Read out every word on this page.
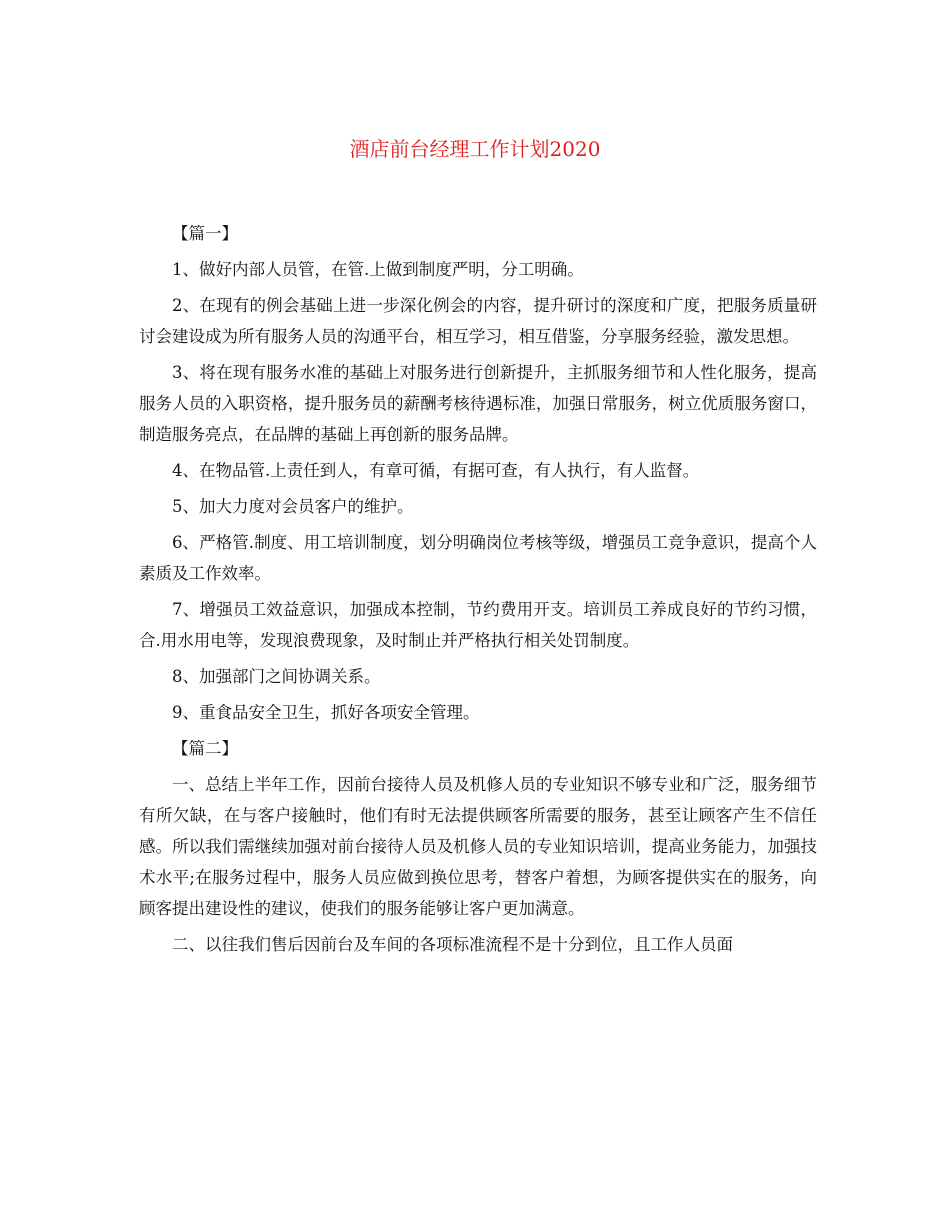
酒店前台经理工作计划2020

【篇一】

1、做好内部人员管，在管.上做到制度严明，分工明确。

2、在现有的例会基础上进一步深化例会的内容，提升研讨的深度和广度，把服务质量研讨会建设成为所有服务人员的沟通平台，相互学习，相互借鉴，分享服务经验，激发思想。

3、将在现有服务水准的基础上对服务进行创新提升，主抓服务细节和人性化服务，提高服务人员的入职资格，提升服务员的薪酬考核待遇标准，加强日常服务，树立优质服务窗口，制造服务亮点，在品牌的基础上再创新的服务品牌。

4、在物品管.上责任到人，有章可循，有据可查，有人执行，有人监督。

5、加大力度对会员客户的维护。

6、严格管.制度、用工培训制度，划分明确岗位考核等级，增强员工竞争意识，提高个人素质及工作效率。

7、增强员工效益意识，加强成本控制，节约费用开支。培训员工养成良好的节约习惯，合.用水用电等，发现浪费现象，及时制止并严格执行相关处罚制度。

8、加强部门之间协调关系。

9、重食品安全卫生，抓好各项安全管理。

【篇二】

一、总结上半年工作，因前台接待人员及机修人员的专业知识不够专业和广泛，服务细节有所欠缺，在与客户接触时，他们有时无法提供顾客所需要的服务，甚至让顾客产生不信任感。所以我们需继续加强对前台接待人员及机修人员的专业知识培训，提高业务能力，加强技术水平;在服务过程中，服务人员应做到换位思考，替客户着想，为顾客提供实在的服务，向顾客提出建设性的建议，使我们的服务能够让客户更加满意。

二、以往我们售后因前台及车间的各项标准流程不是十分到位，且工作人员面
